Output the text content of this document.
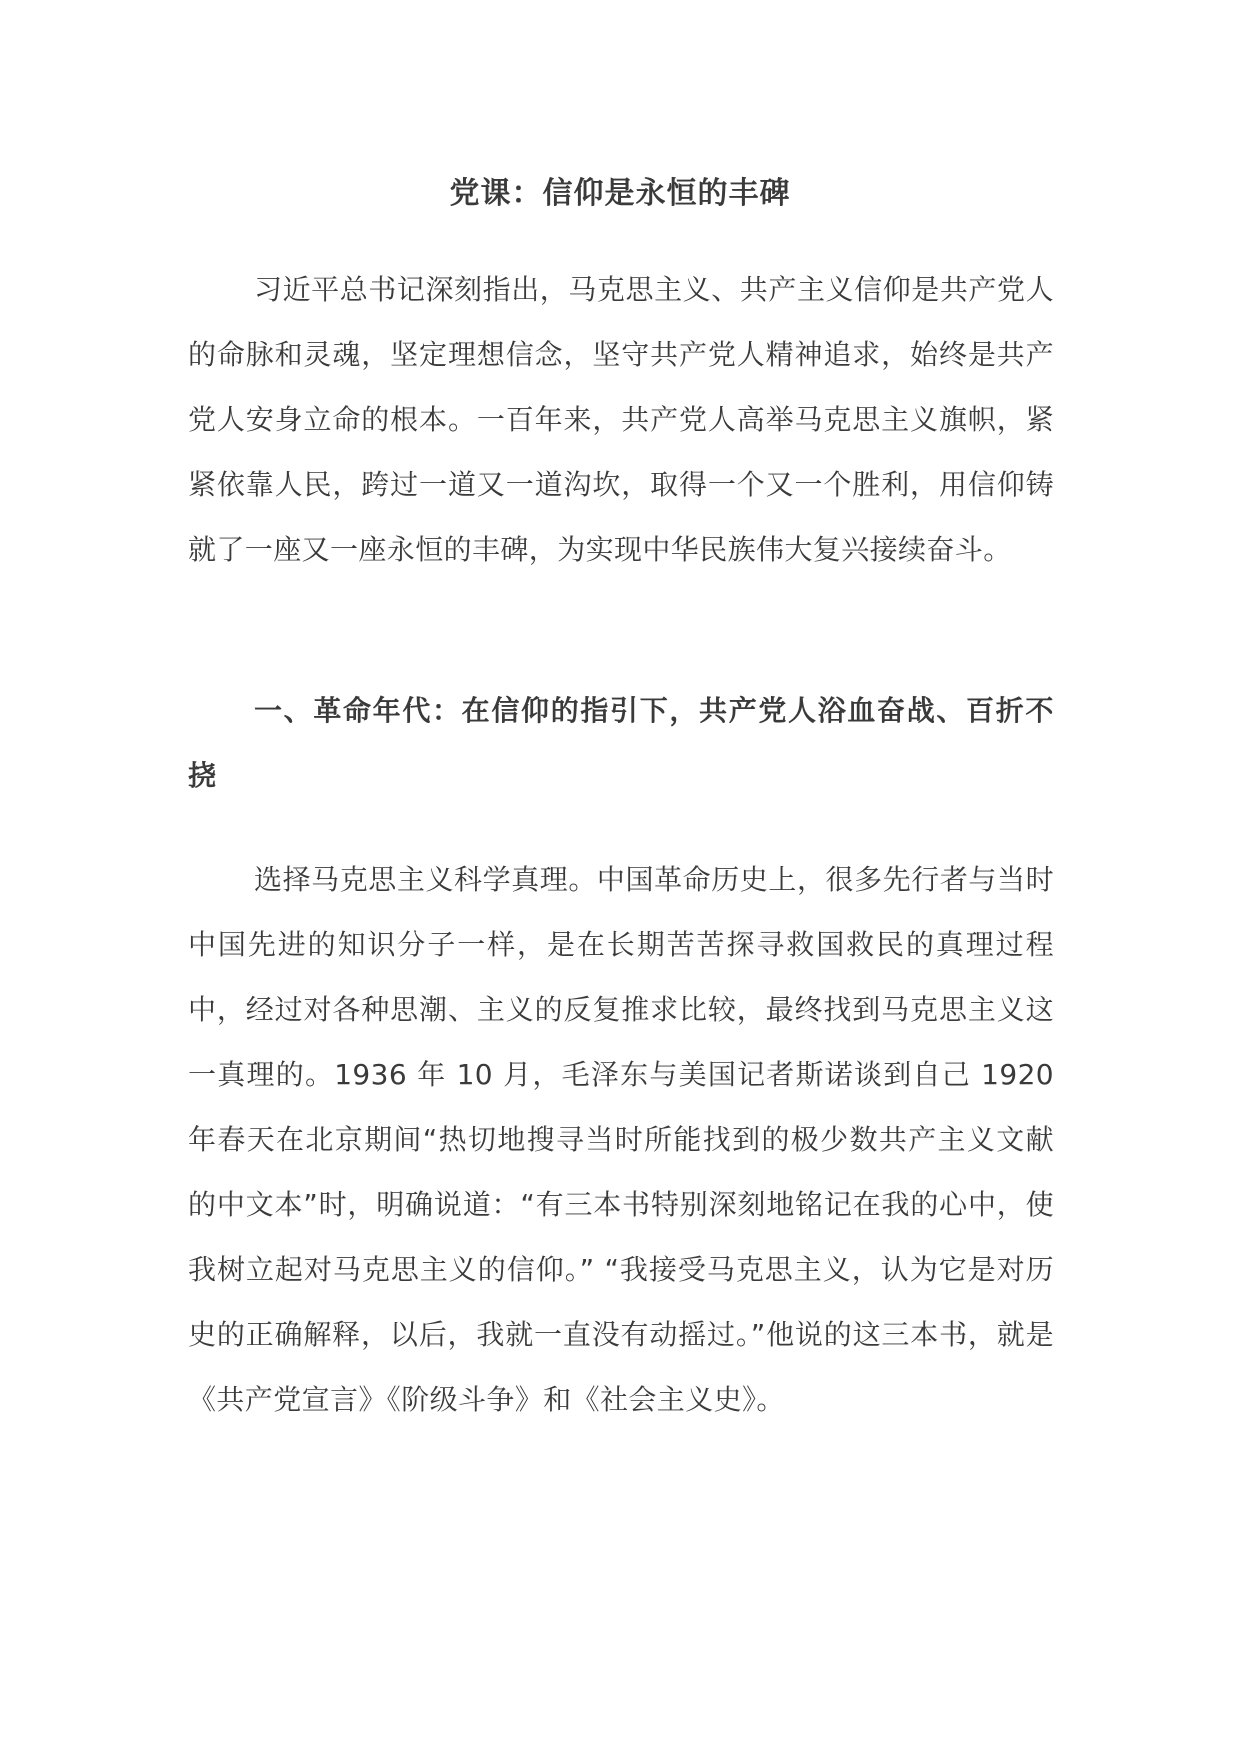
党课：信仰是永恒的丰碑

习近平总书记深刻指出，马克思主义、共产主义信仰是共产党人的命脉和灵魂，坚定理想信念，坚守共产党人精神追求，始终是共产党人安身立命的根本。一百年来，共产党人高举马克思主义旗帜，紧紧依靠人民，跨过一道又一道沟坎，取得一个又一个胜利，用信仰铸就了一座又一座永恒的丰碑，为实现中华民族伟大复兴接续奋斗。

一、革命年代：在信仰的指引下，共产党人浴血奋战、百折不挠

选择马克思主义科学真理。中国革命历史上，很多先行者与当时中国先进的知识分子一样，是在长期苦苦探寻救国救民的真理过程中，经过对各种思潮、主义的反复推求比较，最终找到马克思主义这一真理的。1936 年 10 月，毛泽东与美国记者斯诺谈到自己 1920 年春天在北京期间“热切地搜寻当时所能找到的极少数共产主义文献的中文本”时，明确说道：“有三本书特别深刻地铭记在我的心中，使我树立起对马克思主义的信仰。” “我接受马克思主义，认为它是对历史的正确解释，以后，我就一直没有动摇过。”他说的这三本书，就是《共产党宣言》《阶级斗争》和《社会主义史》。
